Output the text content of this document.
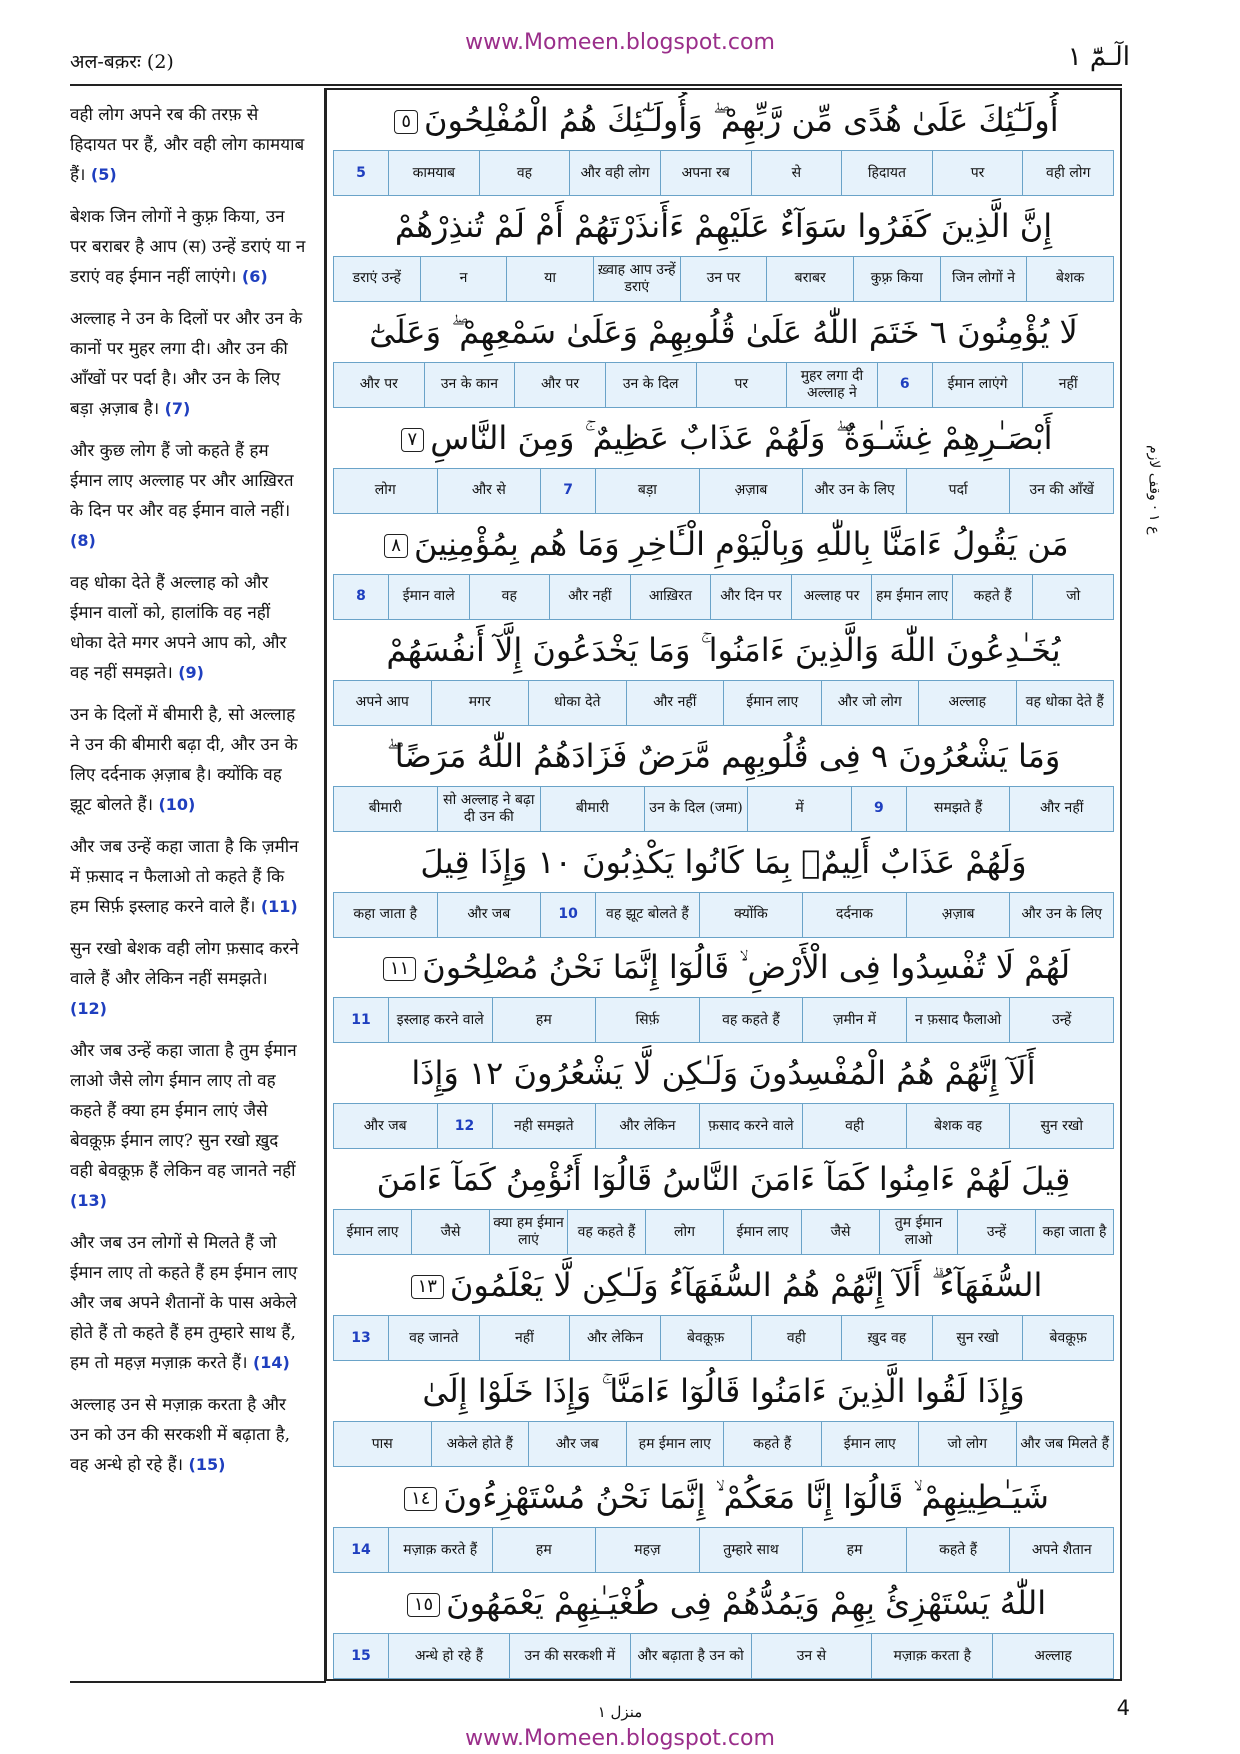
www.Momeen.blogspot.com
अल-बक़रः (2)	الٓـمّٓ ١
वही लोग अपने रब की तरफ़ से हिदायत पर हैं, और वही लोग कामयाब हैं। (5)
बेशक जिन लोगों ने कुफ़्र किया, उन पर बराबर है आप (स) उन्हें डराएं या न डराएं वह ईमान नहीं लाएंगे। (6)
अल्लाह ने उन के दिलों पर और उन के कानों पर मुहर लगा दी। और उन की आँखों पर पर्दा है। और उन के लिए बड़ा अ़ज़ाब है। (7)
और कुछ लोग हैं जो कहते हैं हम ईमान लाए अल्लाह पर और आख़िरत के दिन पर और वह ईमान वाले नहीं। (8)
वह धोका देते हैं अल्लाह को और ईमान वालों को, हालांकि वह नहीं धोका देते मगर अपने आप को, और वह नहीं समझते। (9)
उन के दिलों में बीमारी है, सो अल्लाह ने उन की बीमारी बढ़ा दी, और उन के लिए दर्दनाक अ़ज़ाब है। क्योंकि वह झूट बोलते हैं। (10)
और जब उन्हें कहा जाता है कि ज़मीन में फ़साद न फैलाओ तो कहते हैं कि हम सिर्फ़ इस्लाह करने वाले हैं। (11)
सुन रखो बेशक वही लोग फ़साद करने वाले हैं और लेकिन नहीं समझते। (12)
और जब उन्हें कहा जाता है तुम ईमान लाओ जैसे लोग ईमान लाए तो वह कहते हैं क्या हम ईमान लाएं जैसे बेवक़ूफ़ ईमान लाए? सुन रखो ख़ुद वही बेवक़ूफ़ हैं लेकिन वह जानते नहीं (13)
और जब उन लोगों से मिलते हैं जो ईमान लाए तो कहते हैं हम ईमान लाए और जब अपने शैतानों के पास अकेले होते हैं तो कहते हैं हम तुम्हारे साथ हैं, हम तो महज़ मज़ाक़ करते हैं। (14)
अल्लाह उन से मज़ाक़ करता है और उन को उन की सरकशी में बढ़ाता है, वह अन्धे हो रहे हैं। (15)
أُولَـٰٓئِكَ عَلَىٰ هُدًى مِّن رَّبِّهِمْ ۖ وَأُولَـٰٓئِكَ هُمُ الْمُفْلِحُونَ٥
वही लोग
पर
हिदायत
से
अपना रब
और वही लोग
वह
कामयाब
5
إِنَّ الَّذِينَ كَفَرُوا سَوَآءٌ عَلَيْهِمْ ءَأَنذَرْتَهُمْ أَمْ لَمْ تُنذِرْهُمْ
बेशक
जिन लोगों ने
कुफ़्र किया
बराबर
उन पर
ख़्वाह आप उन्हें डराएं
या
न
डराएं उन्हें
لَا يُؤْمِنُونَ ٦ خَتَمَ اللّٰهُ عَلَىٰ قُلُوبِهِمْ وَعَلَىٰ سَمْعِهِمْ ۖ وَعَلَىٰٓ
नहीं
ईमान लाएंगे
6
मुहर लगा दी अल्लाह ने
पर
उन के दिल
और पर
उन के कान
और पर
أَبْصَـٰرِهِمْ غِشَـٰوَةٌ ۖ وَلَهُمْ عَذَابٌ عَظِيمٌ ۚ وَمِنَ النَّاسِ٧
उन की आँखें
पर्दा
और उन के लिए
अ़ज़ाब
बड़ा
7
और से
लोग
مَن يَقُولُ ءَامَنَّا بِاللّٰهِ وَبِالْيَوْمِ الْـَٔاخِرِ وَمَا هُم بِمُؤْمِنِينَ٨
जो
कहते हैं
हम ईमान लाए
अल्लाह पर
और दिन पर
आख़िरत
और नहीं
वह
ईमान वाले
8
يُخَـٰدِعُونَ اللّٰهَ وَالَّذِينَ ءَامَنُوا ۚ وَمَا يَخْدَعُونَ إِلَّآ أَنفُسَهُمْ
वह धोका देते हैं
अल्लाह
और जो लोग
ईमान लाए
और नहीं
धोका देते
मगर
अपने आप
وَمَا يَشْعُرُونَ ٩ فِى قُلُوبِهِم مَّرَضٌ فَزَادَهُمُ اللّٰهُ مَرَضًا ۖ
और नहीं
समझते हैं
9
में
उन के दिल (जमा)
बीमारी
सो अल्लाह ने बढ़ा दी उन की
बीमारी
وَلَهُمْ عَذَابٌ أَلِيمٌۢ بِمَا كَانُوا يَكْذِبُونَ ١٠ وَإِذَا قِيلَ
और उन के लिए
अ़ज़ाब
दर्दनाक
क्योंकि
वह झूट बोलते हैं
10
और जब
कहा जाता है
لَهُمْ لَا تُفْسِدُوا فِى الْأَرْضِ ۙ قَالُوٓا إِنَّمَا نَحْنُ مُصْلِحُونَ١١
उन्हें
न फ़साद फैलाओ
ज़मीन में
वह कहते हैं
सिर्फ़
हम
इस्लाह करने वाले
11
أَلَآ إِنَّهُمْ هُمُ الْمُفْسِدُونَ وَلَـٰكِن لَّا يَشْعُرُونَ ١٢ وَإِذَا
सुन रखो
बेशक वह
वही
फ़साद करने वाले
और लेकिन
नही समझते
12
और जब
قِيلَ لَهُمْ ءَامِنُوا كَمَآ ءَامَنَ النَّاسُ قَالُوٓا أَنُؤْمِنُ كَمَآ ءَامَنَ
कहा जाता है
उन्हें
तुम ईमान लाओ
जैसे
ईमान लाए
लोग
वह कहते हैं
क्या हम ईमान लाएं
जैसे
ईमान लाए
السُّفَهَآءُ ۗ أَلَآ إِنَّهُمْ هُمُ السُّفَهَآءُ وَلَـٰكِن لَّا يَعْلَمُونَ١٣
बेवक़ूफ़
सुन रखो
ख़ुद वह
वही
बेवक़ूफ़
और लेकिन
नहीं
वह जानते
13
وَإِذَا لَقُوا الَّذِينَ ءَامَنُوا قَالُوٓا ءَامَنَّا ۚ وَإِذَا خَلَوْا إِلَىٰ
और जब मिलते हैं
जो लोग
ईमान लाए
कहते हैं
हम ईमान लाए
और जब
अकेले होते हैं
पास
شَيَـٰطِينِهِمْ ۙ قَالُوٓا إِنَّا مَعَكُمْ ۙ إِنَّمَا نَحْنُ مُسْتَهْزِءُونَ١٤
अपने शैतान
कहते हैं
हम
तुम्हारे साथ
महज़
हम
मज़ाक़ करते हैं
14
اللّٰهُ يَسْتَهْزِئُ بِهِمْ وَيَمُدُّهُمْ فِى طُغْيَـٰنِهِمْ يَعْمَهُونَ١٥
अल्लाह
मज़ाक़ करता है
उन से
और बढ़ाता है उन को
उन की सरकशी में
अन्धे हो रहे हैं
15
ع ١ · وقف لازم
منزل ١	4
www.Momeen.blogspot.com
